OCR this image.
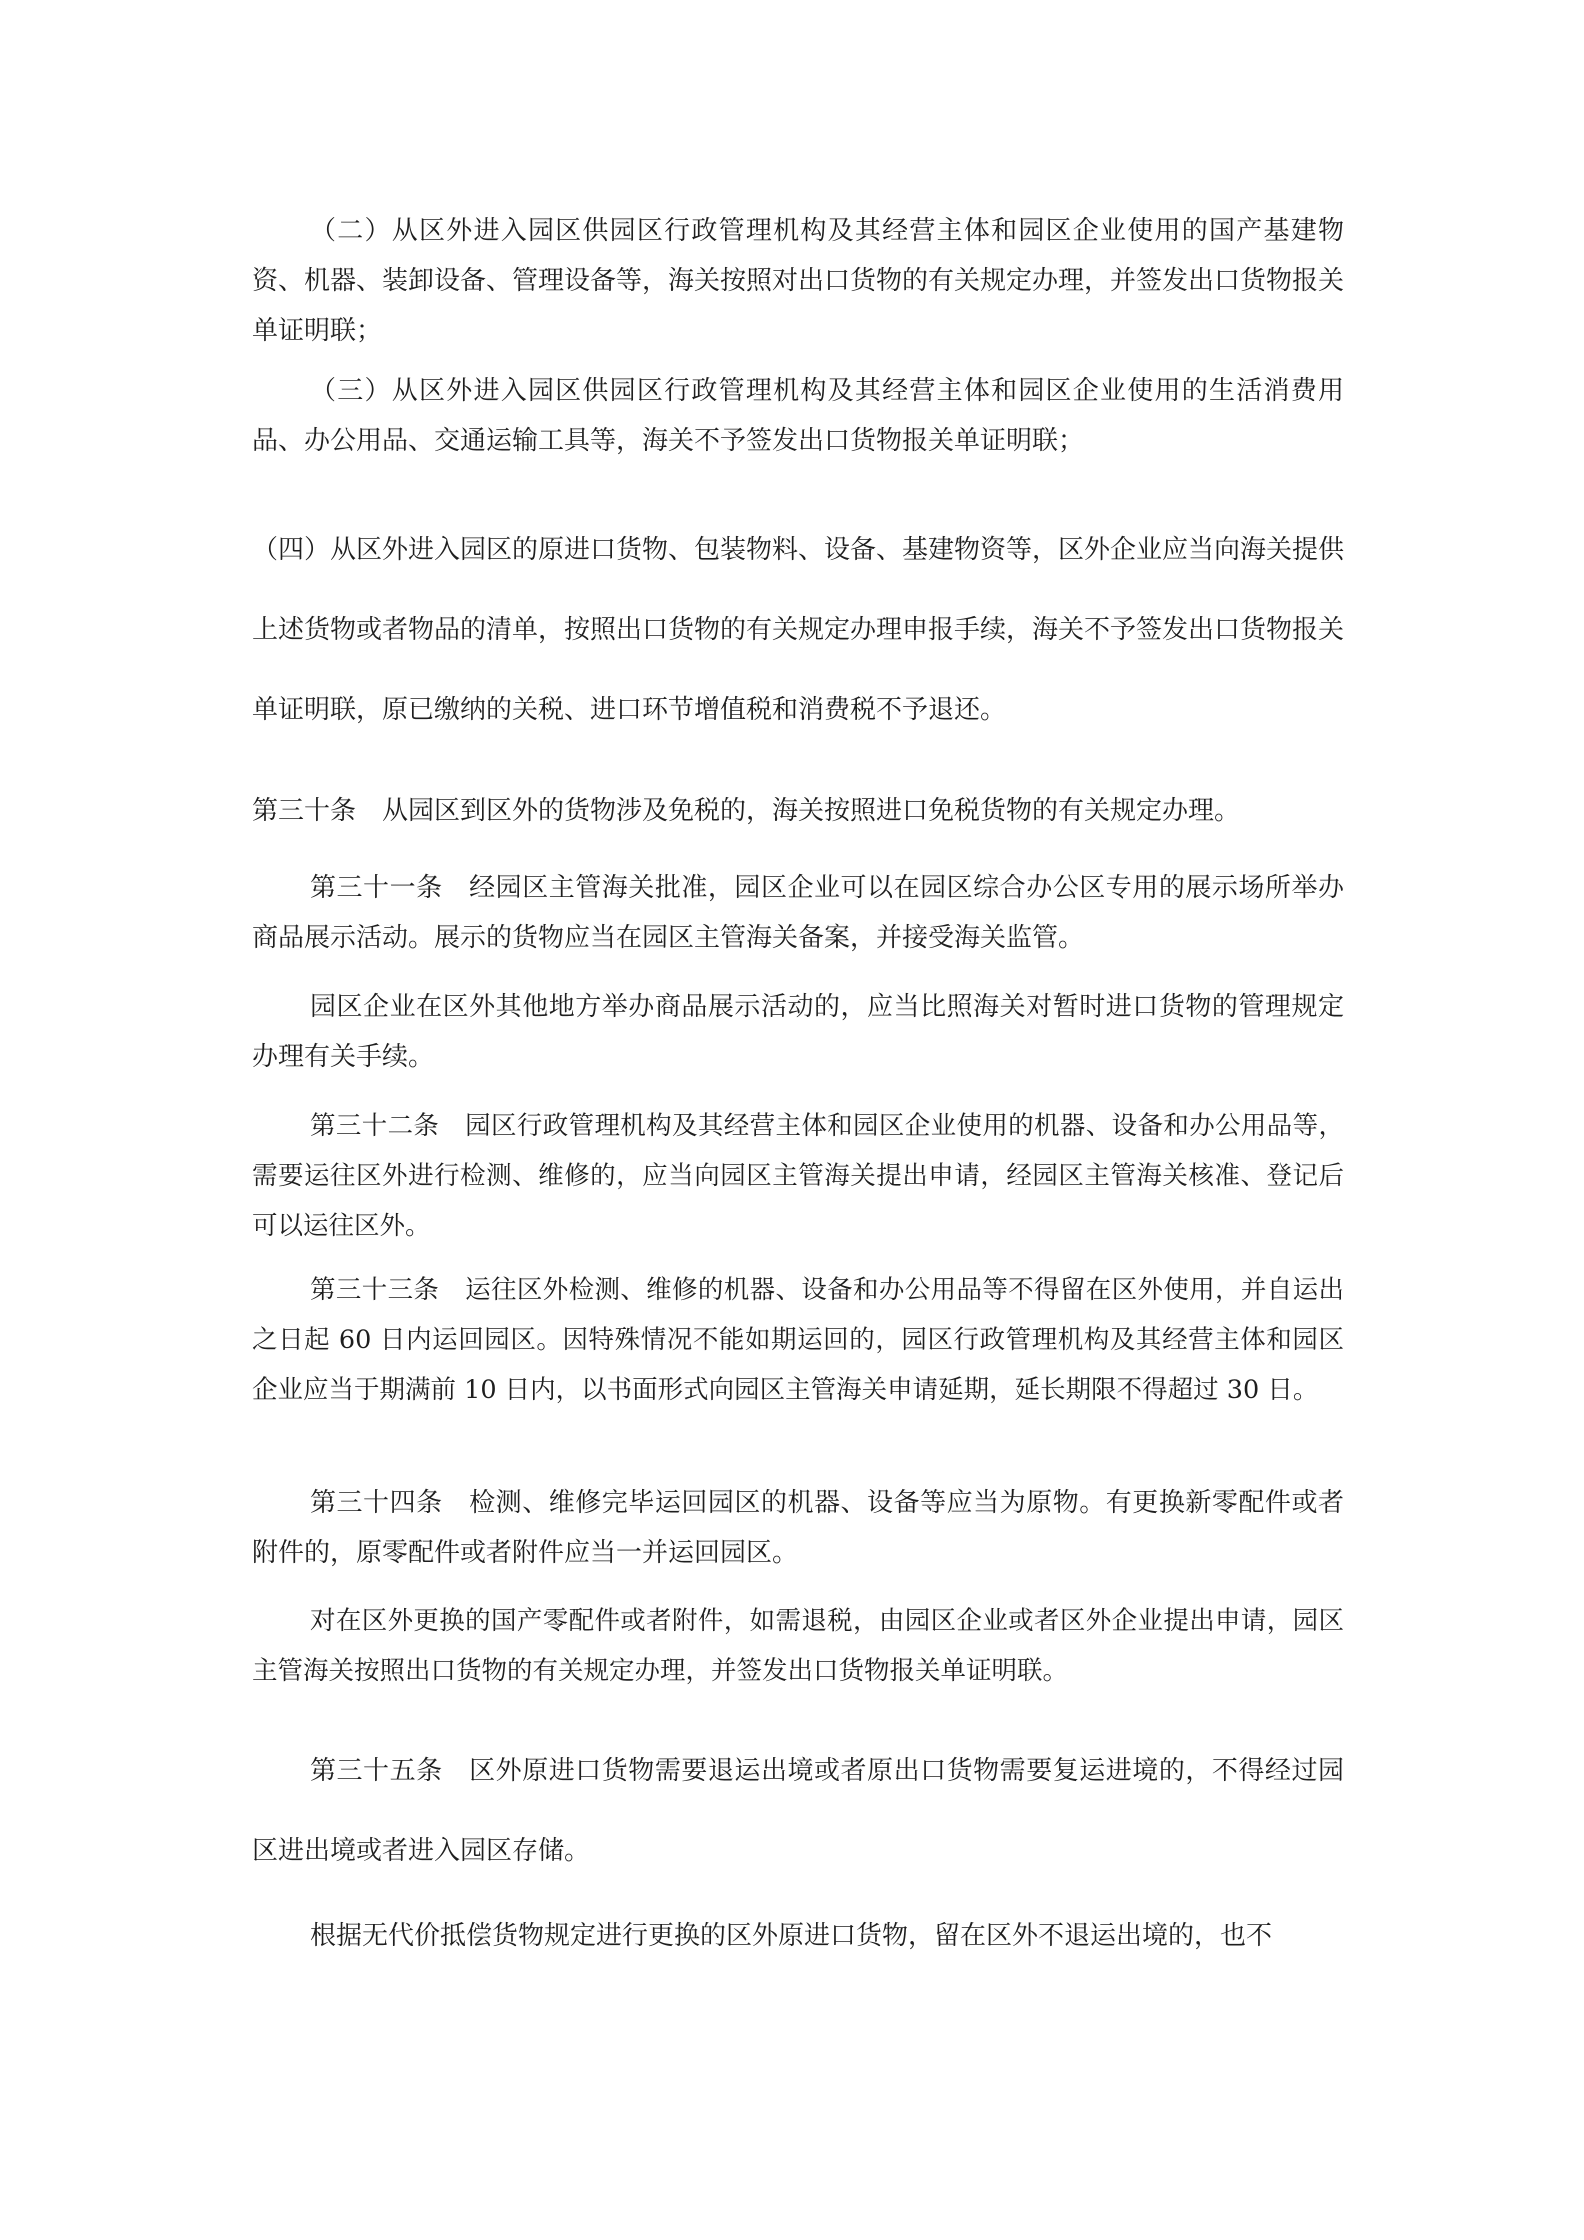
（二）从区外进入园区供园区行政管理机构及其经营主体和园区企业使用的国产基建物资、机器、装卸设备、管理设备等，海关按照对出口货物的有关规定办理，并签发出口货物报关单证明联；

（三）从区外进入园区供园区行政管理机构及其经营主体和园区企业使用的生活消费用品、办公用品、交通运输工具等，海关不予签发出口货物报关单证明联；

（四）从区外进入园区的原进口货物、包装物料、设备、基建物资等，区外企业应当向海关提供上述货物或者物品的清单，按照出口货物的有关规定办理申报手续，海关不予签发出口货物报关单证明联，原已缴纳的关税、进口环节增值税和消费税不予退还。

第三十条　从园区到区外的货物涉及免税的，海关按照进口免税货物的有关规定办理。

第三十一条　经园区主管海关批准，园区企业可以在园区综合办公区专用的展示场所举办商品展示活动。展示的货物应当在园区主管海关备案，并接受海关监管。

园区企业在区外其他地方举办商品展示活动的，应当比照海关对暂时进口货物的管理规定办理有关手续。

第三十二条　园区行政管理机构及其经营主体和园区企业使用的机器、设备和办公用品等，需要运往区外进行检测、维修的，应当向园区主管海关提出申请，经园区主管海关核准、登记后可以运往区外。

第三十三条　运往区外检测、维修的机器、设备和办公用品等不得留在区外使用，并自运出之日起 60 日内运回园区。因特殊情况不能如期运回的，园区行政管理机构及其经营主体和园区企业应当于期满前 10 日内，以书面形式向园区主管海关申请延期，延长期限不得超过 30 日。

第三十四条　检测、维修完毕运回园区的机器、设备等应当为原物。有更换新零配件或者附件的，原零配件或者附件应当一并运回园区。

对在区外更换的国产零配件或者附件，如需退税，由园区企业或者区外企业提出申请，园区主管海关按照出口货物的有关规定办理，并签发出口货物报关单证明联。

第三十五条　区外原进口货物需要退运出境或者原出口货物需要复运进境的，不得经过园区进出境或者进入园区存储。

根据无代价抵偿货物规定进行更换的区外原进口货物，留在区外不退运出境的，也不
